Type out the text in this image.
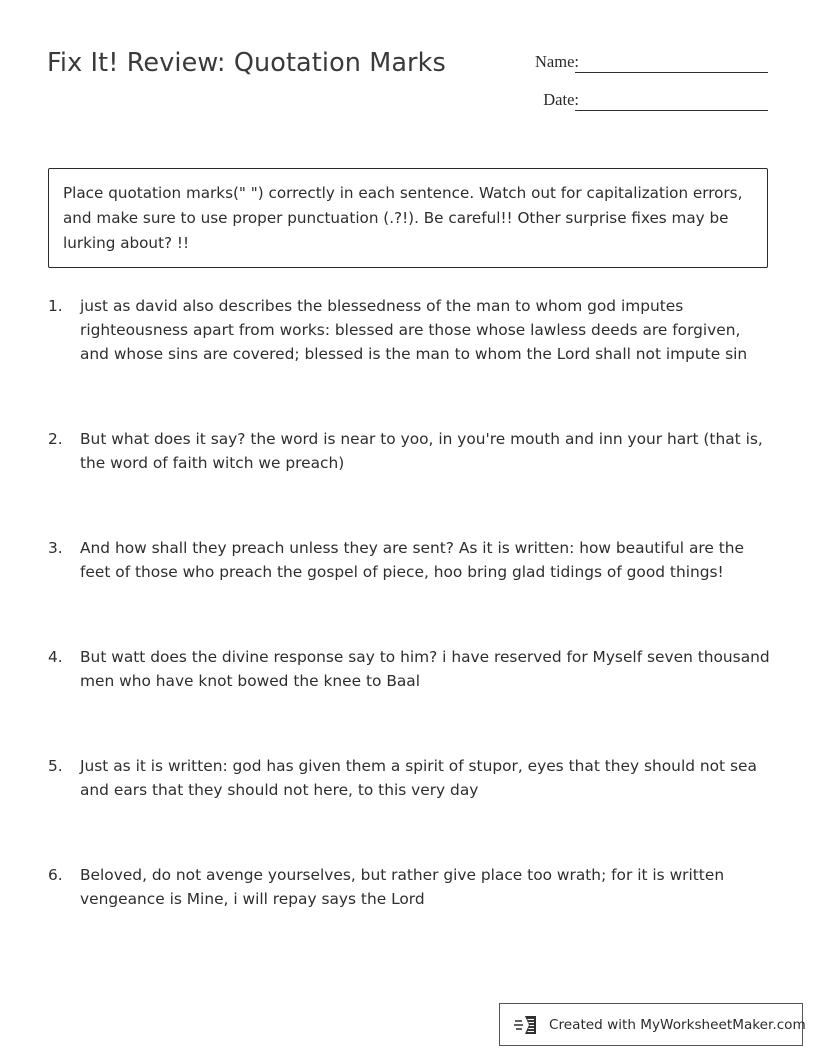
Fix It! Review: Quotation Marks	Name:
Date:
Place quotation marks(" ") correctly in each sentence. Watch out for capitalization errors, and make sure to use proper punctuation (.?!). Be careful!! Other surprise fixes may be lurking about? !!
1.	just as david also describes the blessedness of the man to whom god imputes righteousness apart from works: blessed are those whose lawless deeds are forgiven, and whose sins are covered; blessed is the man to whom the Lord shall not impute sin
2.	But what does it say? the word is near to yoo, in you're mouth and inn your hart (that is, the word of faith witch we preach)
3.	And how shall they preach unless they are sent? As it is written: how beautiful are the feet of those who preach the gospel of piece, hoo bring glad tidings of good things!
4.	But watt does the divine response say to him? i have reserved for Myself seven thousand men who have knot bowed the knee to Baal
5.	Just as it is written: god has given them a spirit of stupor, eyes that they should not sea and ears that they should not here, to this very day
6.	Beloved, do not avenge yourselves, but rather give place too wrath; for it is written vengeance is Mine, i will repay says the Lord
Created with MyWorksheetMaker.com
